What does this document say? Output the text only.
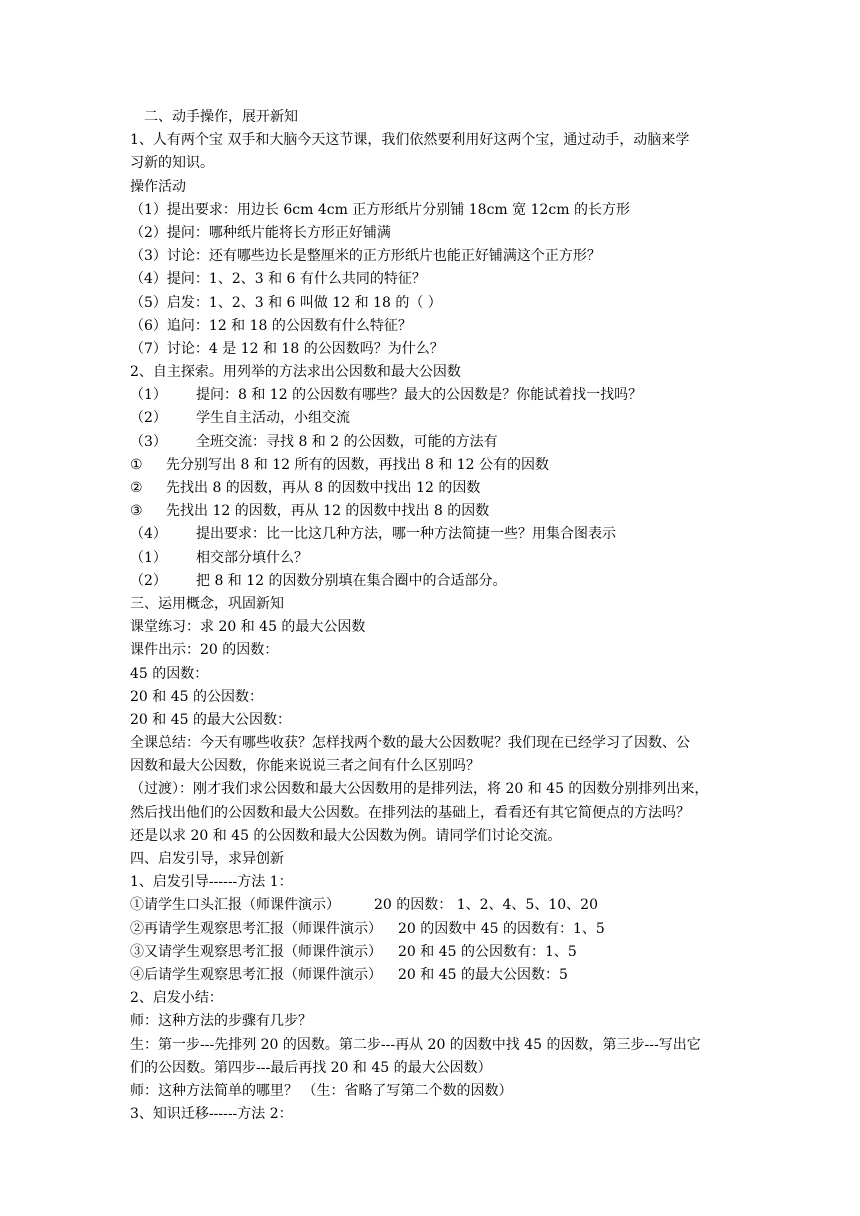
二、动手操作，展开新知
1、人有两个宝 双手和大脑今天这节课，我们依然要利用好这两个宝，通过动手，动脑来学
习新的知识。
操作活动
（1）提出要求：用边长 6cm 4cm 正方形纸片分别铺 18cm 宽 12cm 的长方形
（2）提问：哪种纸片能将长方形正好铺满
（3）讨论：还有哪些边长是整厘米的正方形纸片也能正好铺满这个正方形？
（4）提问：1、2、3 和 6 有什么共同的特征？
（5）启发：1、2、3 和 6 叫做 12 和 18 的（ ）
（6）追问：12 和 18 的公因数有什么特征？
（7）讨论：4 是 12 和 18 的公因数吗？为什么？
2、自主探索。用列举的方法求出公因数和最大公因数
（1） 提问：8 和 12 的公因数有哪些？最大的公因数是？你能试着找一找吗？
（2） 学生自主活动，小组交流
（3） 全班交流：寻找 8 和 2 的公因数，可能的方法有
① 先分别写出 8 和 12 所有的因数，再找出 8 和 12 公有的因数
② 先找出 8 的因数，再从 8 的因数中找出 12 的因数
③ 先找出 12 的因数，再从 12 的因数中找出 8 的因数
（4） 提出要求：比一比这几种方法，哪一种方法简捷一些？用集合图表示
（1） 相交部分填什么？
（2） 把 8 和 12 的因数分别填在集合圈中的合适部分。
三、运用概念，巩固新知
课堂练习：求 20 和 45 的最大公因数
课件出示：20 的因数：
45 的因数：
20 和 45 的公因数：
20 和 45 的最大公因数：
全课总结：今天有哪些收获？怎样找两个数的最大公因数呢？我们现在已经学习了因数、公
因数和最大公因数，你能来说说三者之间有什么区别吗？
（过渡）：刚才我们求公因数和最大公因数用的是排列法，将 20 和 45 的因数分别排列出来，
然后找出他们的公因数和最大公因数。在排列法的基础上，看看还有其它简便点的方法吗？
还是以求 20 和 45 的公因数和最大公因数为例。请同学们讨论交流。
四、启发引导，求异创新
1、启发引导------方法 1：
①请学生口头汇报（师课件演示） 20 的因数： 1、2、4、5、10、20
②再请学生观察思考汇报（师课件演示） 20 的因数中 45 的因数有：1、5
③又请学生观察思考汇报（师课件演示） 20 和 45 的公因数有：1、5
④后请学生观察思考汇报（师课件演示） 20 和 45 的最大公因数：5
2、启发小结：
师：这种方法的步骤有几步？
生：第一步---先排列 20 的因数。第二步---再从 20 的因数中找 45 的因数，第三步---写出它
们的公因数。第四步---最后再找 20 和 45 的最大公因数）
师：这种方法简单的哪里？ （生：省略了写第二个数的因数）
3、知识迁移------方法 2：
